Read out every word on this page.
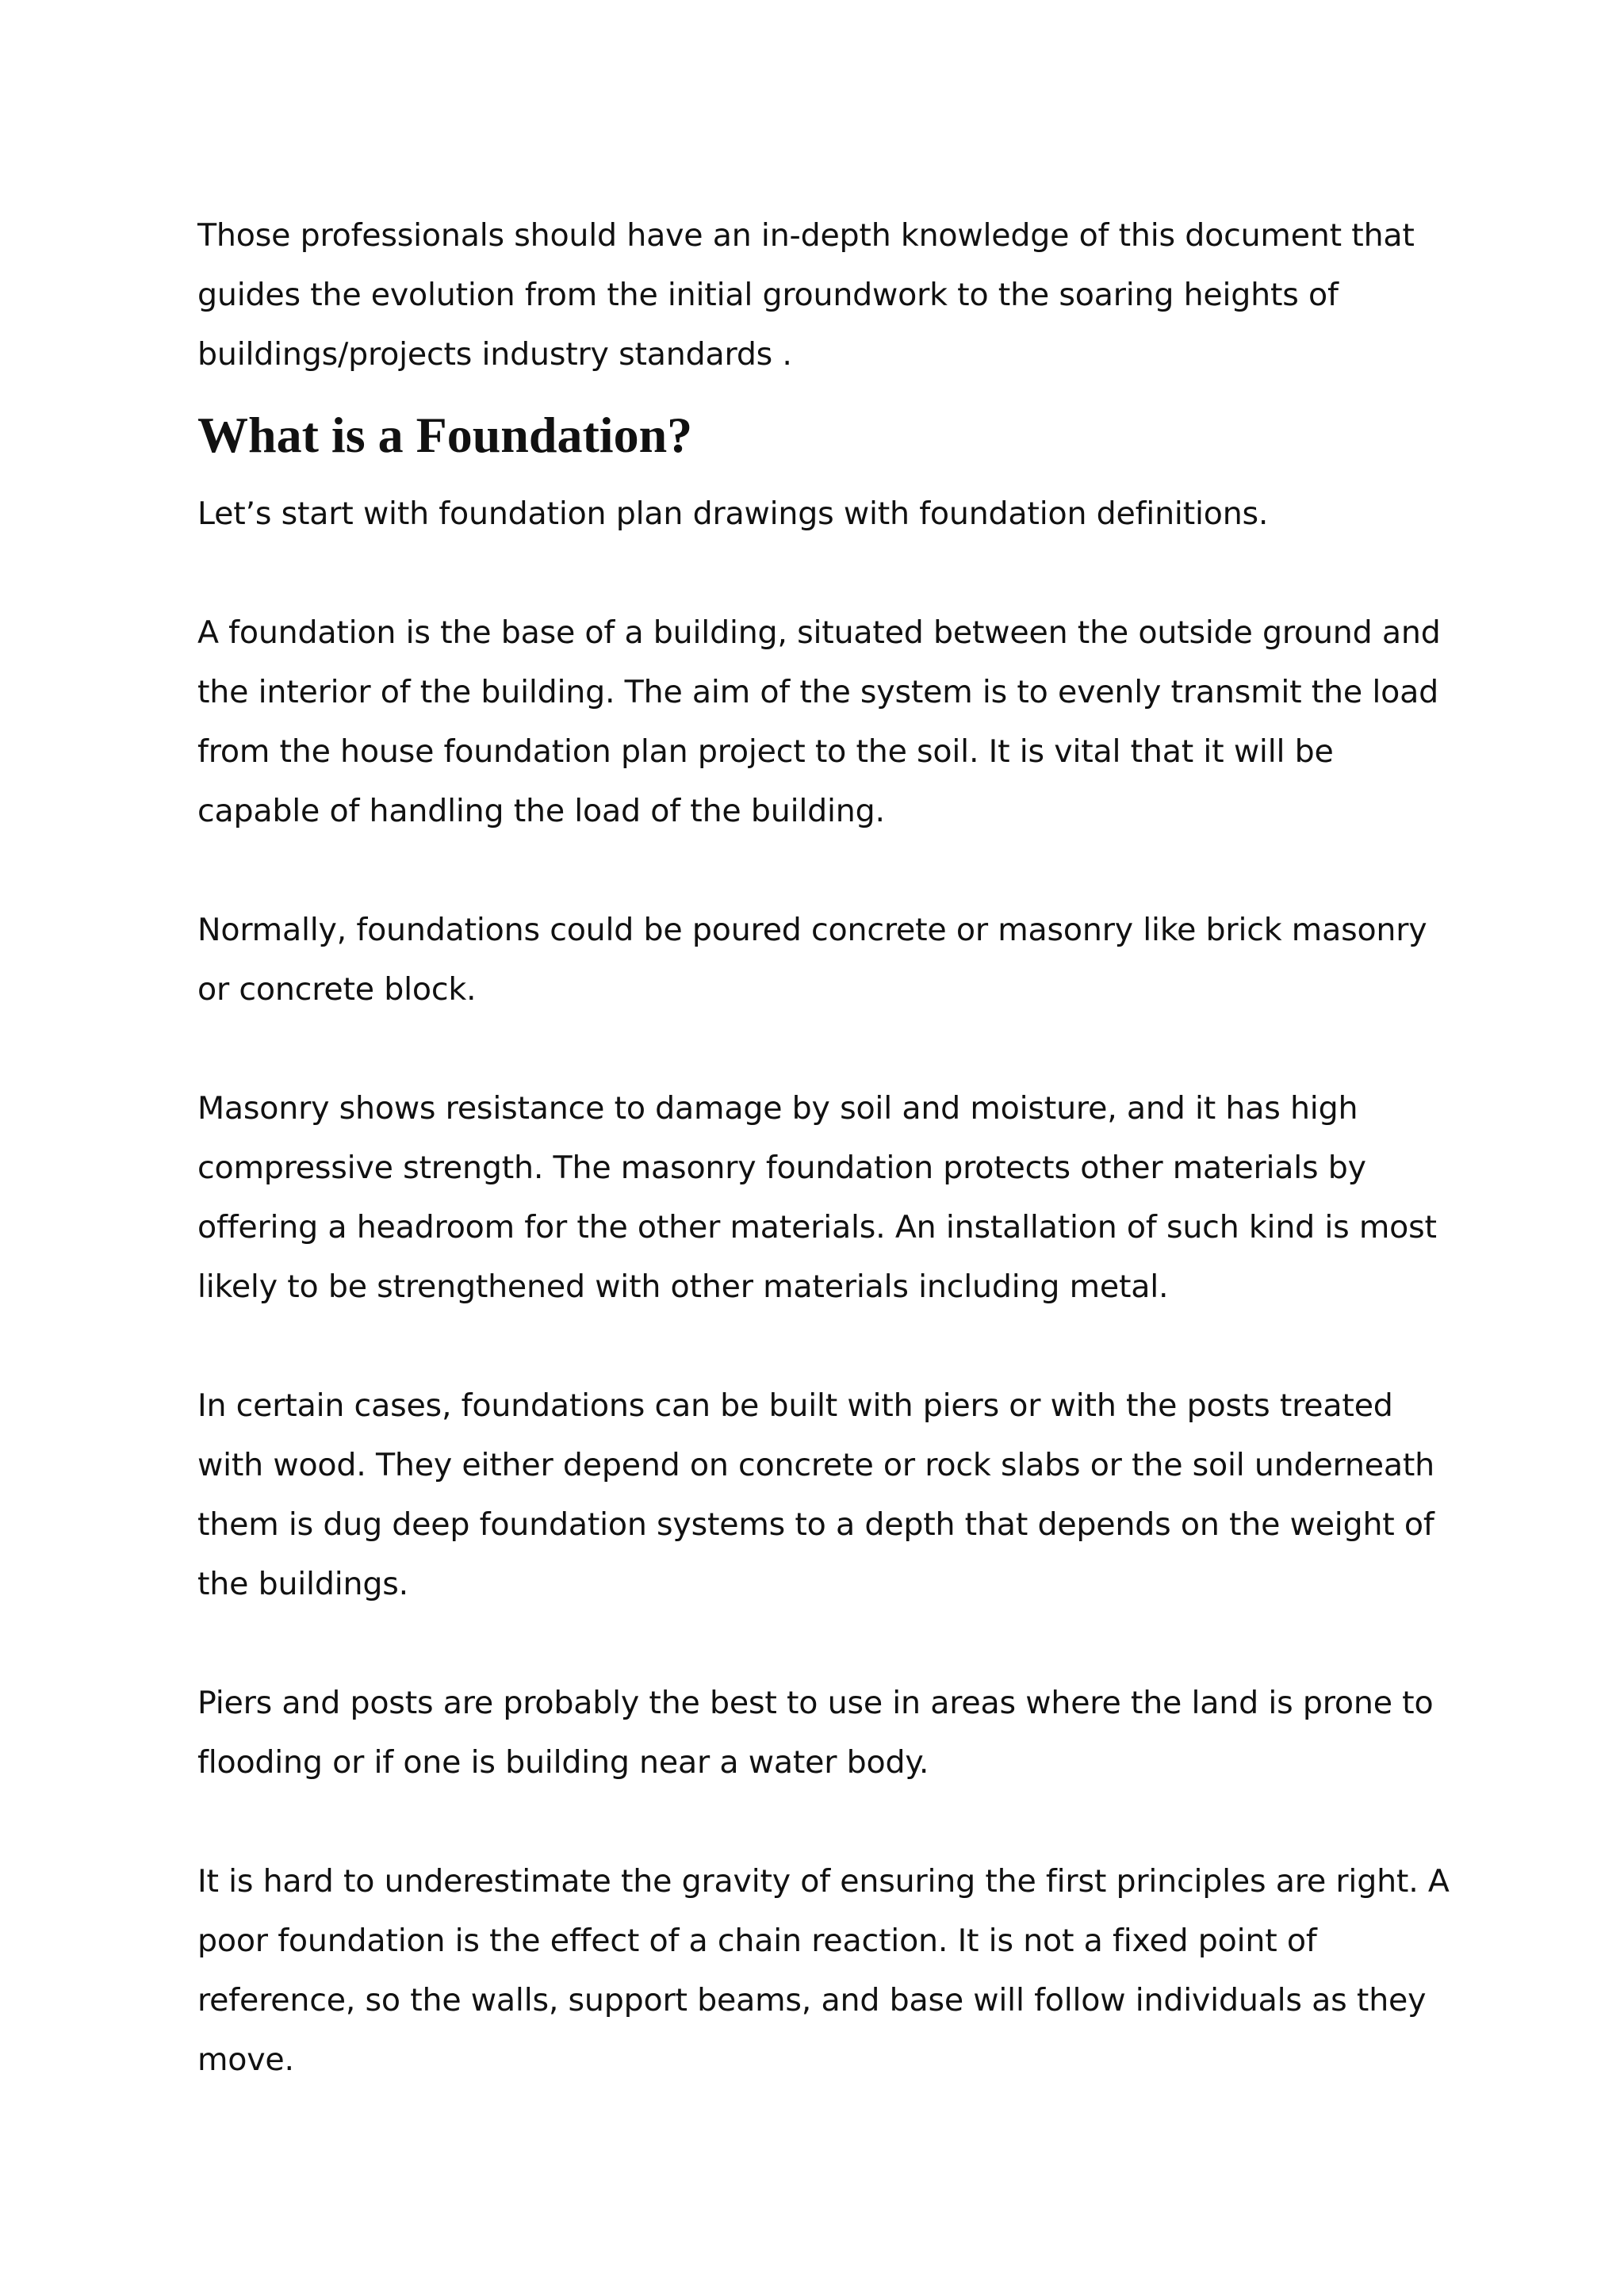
Those professionals should have an in-depth knowledge of this document that guides the evolution from the initial groundwork to the soaring heights of buildings/projects industry standards .

What is a Foundation?

Let’s start with foundation plan drawings with foundation definitions.

A foundation is the base of a building, situated between the outside ground and the interior of the building. The aim of the system is to evenly transmit the load from the house foundation plan project to the soil. It is vital that it will be capable of handling the load of the building.

Normally, foundations could be poured concrete or masonry like brick masonry or concrete block.

Masonry shows resistance to damage by soil and moisture, and it has high compressive strength. The masonry foundation protects other materials by offering a headroom for the other materials. An installation of such kind is most likely to be strengthened with other materials including metal.

In certain cases, foundations can be built with piers or with the posts treated with wood. They either depend on concrete or rock slabs or the soil underneath them is dug deep foundation systems to a depth that depends on the weight of the buildings.

Piers and posts are probably the best to use in areas where the land is prone to flooding or if one is building near a water body.

It is hard to underestimate the gravity of ensuring the first principles are right. A poor foundation is the effect of a chain reaction. It is not a fixed point of reference, so the walls, support beams, and base will follow individuals as they move.
